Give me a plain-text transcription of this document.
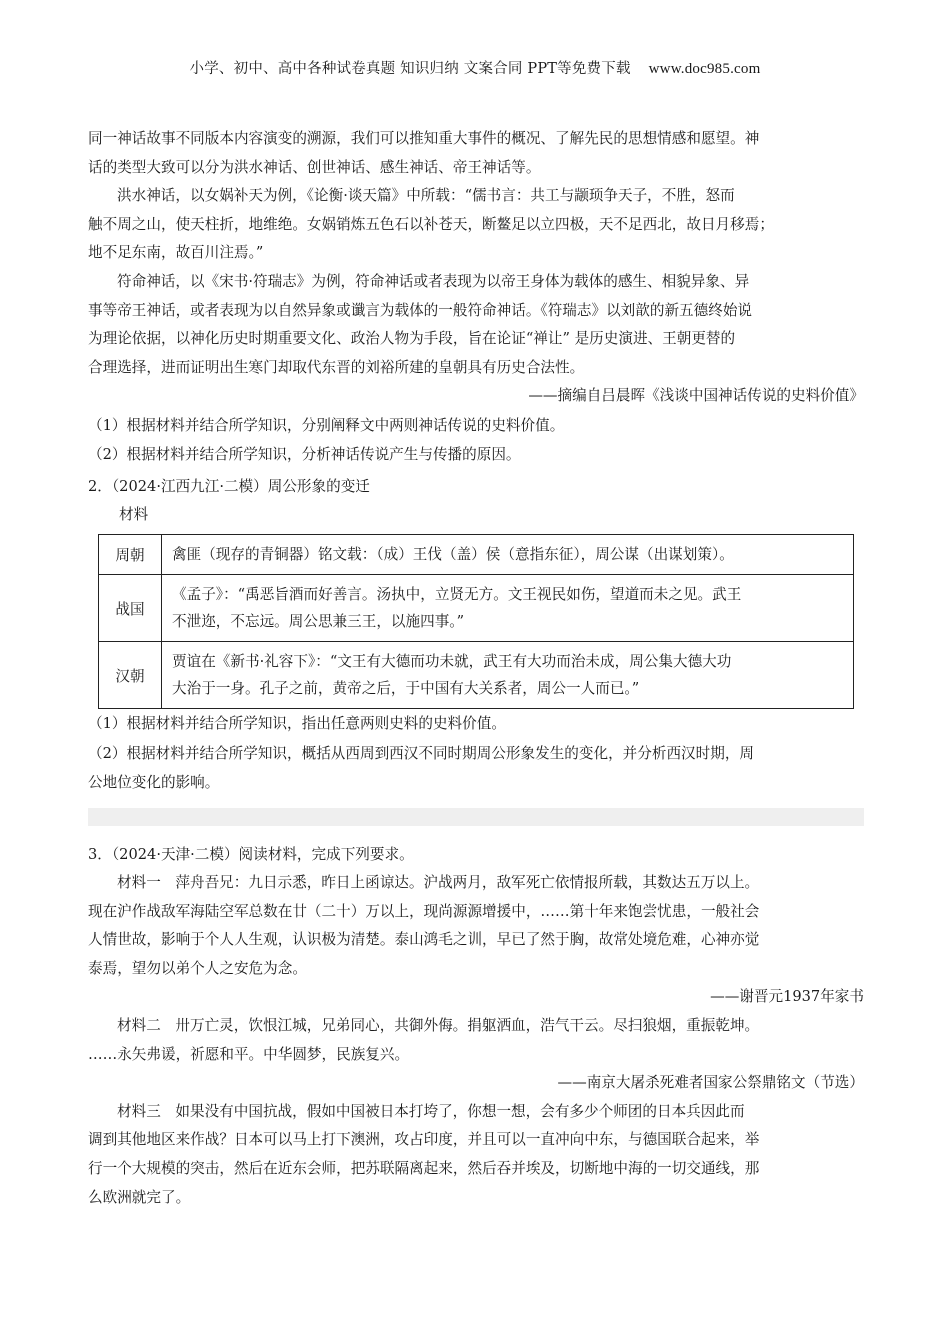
小学、初中、高中各种试卷真题 知识归纳 文案合同 PPT等免费下载 www.doc985.com

同一神话故事不同版本内容演变的溯源，我们可以推知重大事件的概况、了解先民的思想情感和愿望。神

话的类型大致可以分为洪水神话、创世神话、感生神话、帝王神话等。

洪水神话，以女娲补天为例，《论衡·谈天篇》中所载：“儒书言：共工与颛顼争天子，不胜，怒而

触不周之山，使天柱折，地维绝。女娲销炼五色石以补苍天，断鳌足以立四极，天不足西北，故日月移焉；

地不足东南，故百川注焉。”

符命神话，以《宋书·符瑞志》为例，符命神话或者表现为以帝王身体为载体的感生、相貌异象、异

事等帝王神话，或者表现为以自然异象或谶言为载体的一般符命神话。《符瑞志》以刘歆的新五德终始说

为理论依据，以神化历史时期重要文化、政治人物为手段，旨在论证“禅让” 是历史演进、王朝更替的

合理选择，进而证明出生寒门却取代东晋的刘裕所建的皇朝具有历史合法性。

——摘编自吕晨晖《浅谈中国神话传说的史料价值》

（1）根据材料并结合所学知识，分别阐释文中两则神话传说的史料价值。

（2）根据材料并结合所学知识，分析神话传说产生与传播的原因。

2．（2024·江西九江·二模）周公形象的变迁

材料

周朝	禽匪（现存的青铜器）铭文载：（成）王伐（盖）侯（意指东征），周公谋（出谋划策）。

战国	《孟子》：“禹恶旨酒而好善言。汤执中，立贤无方。文王视民如伤，望道而未之见。武王
不泄迩，不忘远。周公思兼三王，以施四事。”

汉朝	贾谊在《新书·礼容下》：“文王有大德而功未就，武王有大功而治未成，周公集大德大功
大治于一身。孔子之前，黄帝之后，于中国有大关系者，周公一人而已。”

（1）根据材料并结合所学知识，指出任意两则史料的史料价值。

（2）根据材料并结合所学知识，概括从西周到西汉不同时期周公形象发生的变化，并分析西汉时期，周

公地位变化的影响。

3．（2024·天津·二模）阅读材料，完成下列要求。

材料一　萍舟吾兄：九日示悉，昨日上函谅达。沪战两月，敌军死亡依情报所载，其数达五万以上。

现在沪作战敌军海陆空军总数在廿（二十）万以上，现尚源源增援中，……第十年来饱尝忧患，一般社会

人情世故，影响于个人人生观，认识极为清楚。泰山鸿毛之训，早已了然于胸，故常处境危难，心神亦觉

泰焉，望勿以弟个人之安危为念。

——谢晋元1937年家书

材料二　卅万亡灵，饮恨江城，兄弟同心，共御外侮。捐躯洒血，浩气干云。尽扫狼烟，重振乾坤。

……永矢弗谖，祈愿和平。中华圆梦，民族复兴。

——南京大屠杀死难者国家公祭鼎铭文（节选）

材料三　如果没有中国抗战，假如中国被日本打垮了，你想一想，会有多少个师团的日本兵因此而

调到其他地区来作战？日本可以马上打下澳洲，攻占印度，并且可以一直冲向中东，与德国联合起来，举

行一个大规模的突击，然后在近东会师，把苏联隔离起来，然后吞并埃及，切断地中海的一切交通线，那

么欧洲就完了。
